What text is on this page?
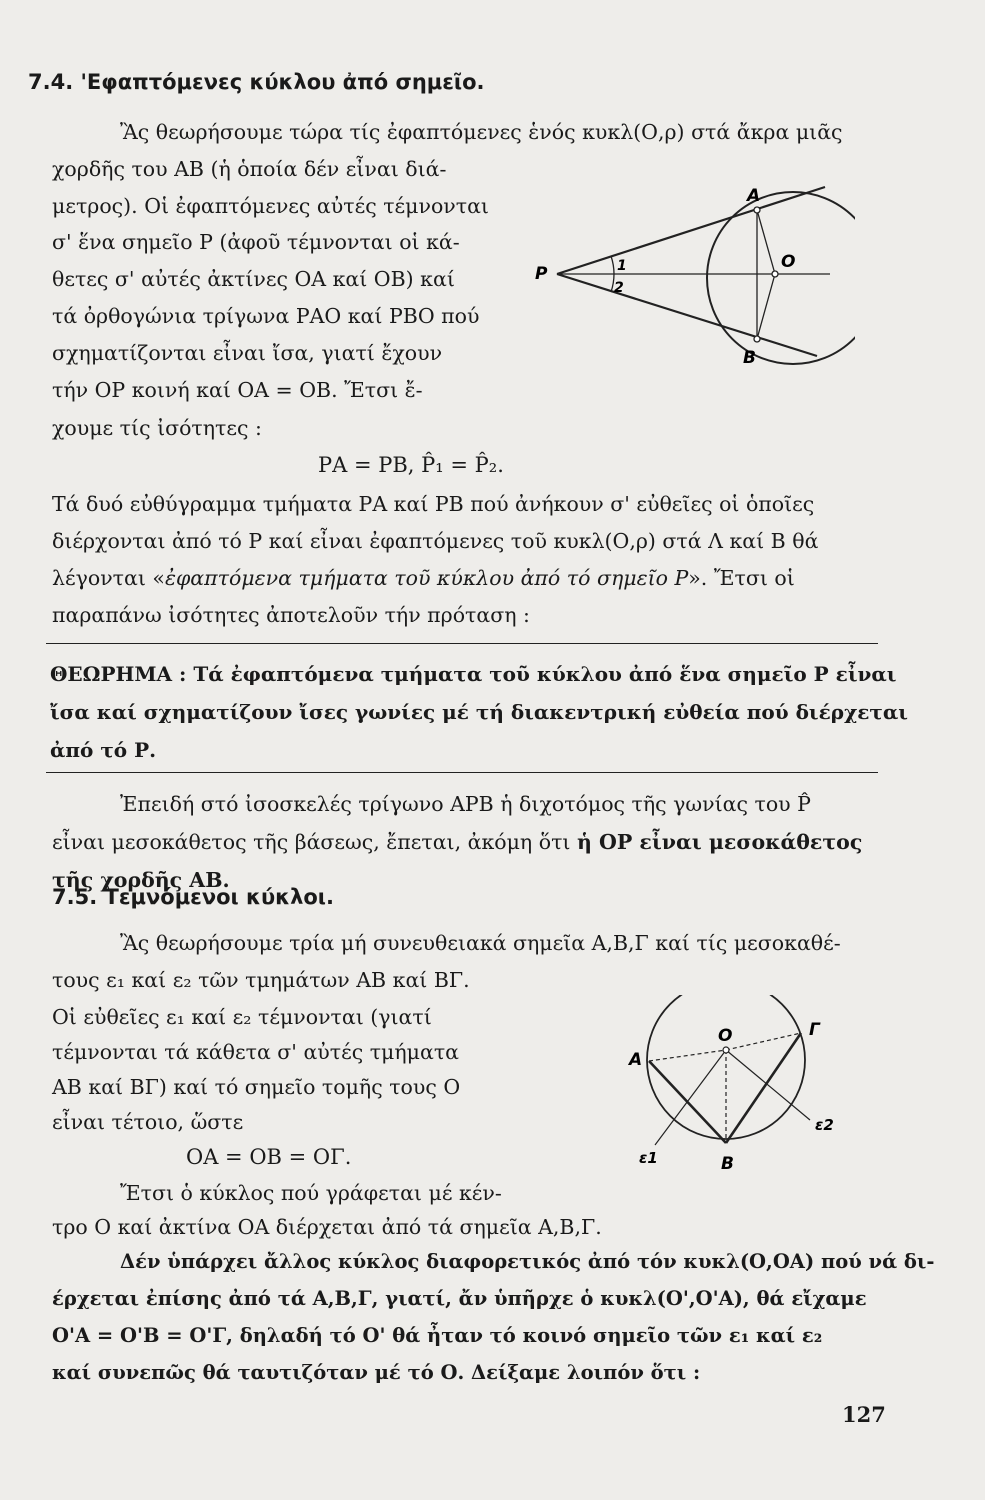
7.4. 'Εφαπτόμενες κύκλου ἀπό σημεῖο.
Ἂς θεωρήσουμε τώρα τίς ἐφαπτόμενες ἑνός κυκλ(Ο,ρ) στά ἄκρα μιᾶς
χορδῆς του ΑΒ (ἡ ὁποία δέν εἶναι διά-
μετρος). Οἱ ἐφαπτόμενες αὐτές τέμνονται
σ' ἕνα σημεῖο Ρ (ἀφοῦ τέμνονται οἱ κά-
θετες σ' αὐτές ἀκτίνες ΟΑ καί ΟΒ) καί
τά ὀρθογώνια τρίγωνα ΡΑΟ καί ΡΒΟ πού
σχηματίζονται εἶναι ἴσα, γιατί ἔχουν
τήν ΟΡ κοινή καί ΟΑ = ΟΒ. Ἔτσι ἔ-
χουμε τίς ἰσότητες :
ΡΑ = ΡΒ, P̂₁ = P̂₂.
Τά δυό εὐθύγραμμα τμήματα ΡΑ καί ΡΒ πού ἀνήκουν σ' εὐθεῖες οἱ ὁποῖες
διέρχονται ἀπό τό Ρ καί εἶναι ἐφαπτόμενες τοῦ κυκλ(Ο,ρ) στά Λ καί Β θά
λέγονται «ἐφαπτόμενα τμήματα τοῦ κύκλου ἀπό τό σημεῖο Ρ». Ἔτσι οἱ
παραπάνω ἰσότητες ἀποτελοῦν τήν πρόταση :
ΘΕΩΡΗΜΑ : Τά ἐφαπτόμενα τμήματα τοῦ κύκλου ἀπό ἕνα σημεῖο Ρ εἶναι
ἴσα καί σχηματίζουν ἴσες γωνίες μέ τή διακεντρική εὐθεία πού διέρχεται
ἀπό τό Ρ.
Ἐπειδή στό ἰσοσκελές τρίγωνο ΑΡΒ ἡ διχοτόμος τῆς γωνίας του P̂
εἶναι μεσοκάθετος τῆς βάσεως, ἔπεται, ἀκόμη ὅτι ἡ ΟΡ εἶναι μεσοκάθετος
τῆς χορδῆς ΑΒ.
A
B
O
P	1
2
7.5. Τεμνόμενοι κύκλοι.
Ἂς θεωρήσουμε τρία μή συνευθειακά σημεῖα Α,Β,Γ καί τίς μεσοκαθέ-
τους ε₁ καί ε₂ τῶν τμημάτων ΑΒ καί ΒΓ.
Οἱ εὐθεῖες ε₁ καί ε₂ τέμνονται (γιατί
τέμνονται τά κάθετα σ' αὐτές τμήματα
ΑΒ καί ΒΓ) καί τό σημεῖο τομῆς τους Ο
εἶναι τέτοιο, ὥστε
ΟΑ = ΟΒ = ΟΓ.
Ἔτσι ὁ κύκλος πού γράφεται μέ κέν-
τρο Ο καί ἀκτίνα ΟΑ διέρχεται ἀπό τά σημεῖα Α,Β,Γ.
Δέν ὑπάρχει ἄλλος κύκλος διαφορετικός ἀπό τόν κυκλ(Ο,ΟΑ) πού νά δι-
έρχεται ἐπίσης ἀπό τά Α,Β,Γ, γιατί, ἄν ὑπῆρχε ὁ κυκλ(Ο',Ο'Α), θά εἴχαμε
Ο'Α = Ο'Β = Ο'Γ, δηλαδή τό Ο' θά ἦταν τό κοινό σημεῖο τῶν ε₁ καί ε₂
καί συνεπῶς θά ταυτιζόταν μέ τό Ο. Δείξαμε λοιπόν ὅτι :
A
O	Γ
B
ε1
ε2
127
